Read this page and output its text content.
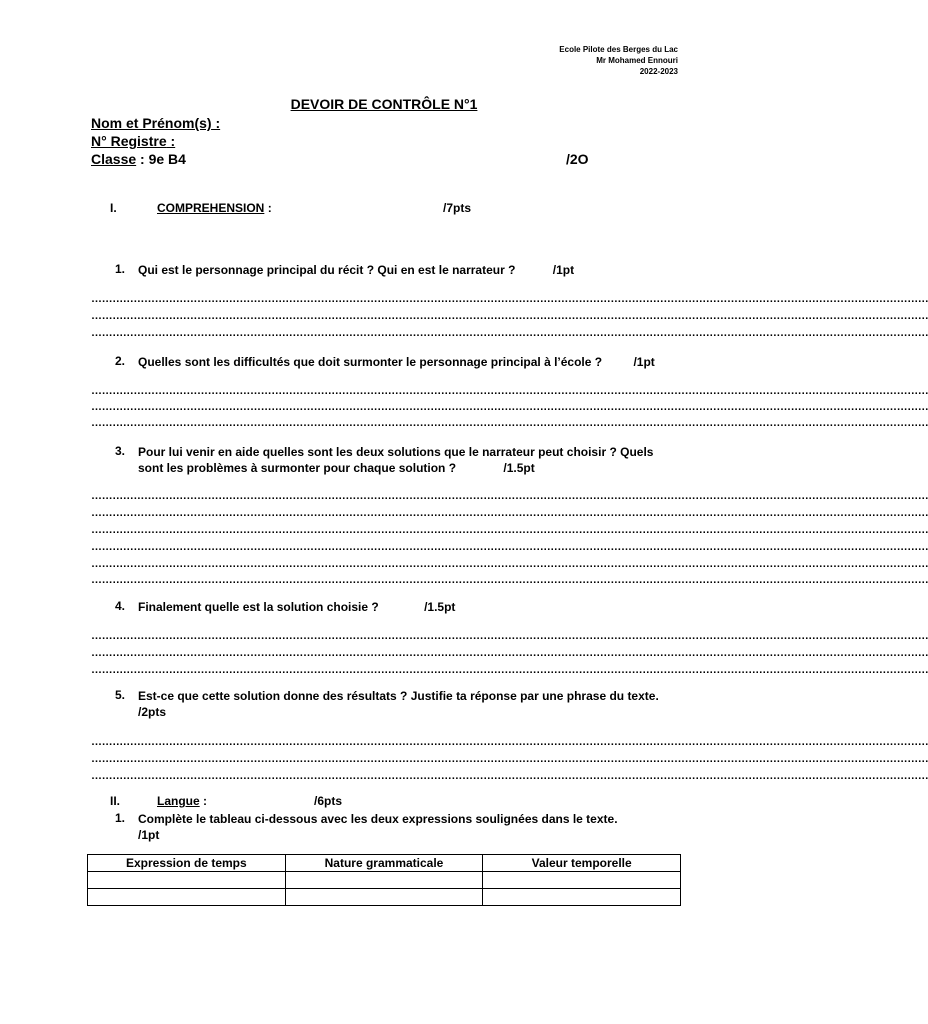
Ecole Pilote des Berges du Lac
Mr Mohamed Ennouri
2022-2023
DEVOIR DE CONTRÔLE N°1
Nom et Prénom(s) :
N° Registre :
Classe : 9e B4	/2O
I.	COMPREHENSION :	/7pts
1. Qui est le personnage principal du récit ? Qui en est le narrateur ?	/1pt
…………………………………………………………………………………………………………………………………………………………………………………………………………………
…………………………………………………………………………………………………………………………………………………………………………………………………………………
…………………………………………………………………………………………………………………………………………………………………………………………………………………
2. Quelles sont les difficultés que doit surmonter le personnage principal à l’école ?	/1pt
…………………………………………………………………………………………………………………………………………………………………………………………………………………
…………………………………………………………………………………………………………………………………………………………………………………………………………………
…………………………………………………………………………………………………………………………………………………………………………………………………………………
3. Pour lui venir en aide quelles sont les deux solutions que le narrateur peut choisir ? Quels sont les problèmes à surmonter pour chaque solution ?	/1.5pt
…………………………………………………………………………………………………………………………………………………………………………………………………………………
…………………………………………………………………………………………………………………………………………………………………………………………………………………
…………………………………………………………………………………………………………………………………………………………………………………………………………………
…………………………………………………………………………………………………………………………………………………………………………………………………………………
…………………………………………………………………………………………………………………………………………………………………………………………………………………
…………………………………………………………………………………………………………………………………………………………………………………………………………………
4. Finalement quelle est la solution choisie ?	/1.5pt
…………………………………………………………………………………………………………………………………………………………………………………………………………………
…………………………………………………………………………………………………………………………………………………………………………………………………………………
…………………………………………………………………………………………………………………………………………………………………………………………………………………
5. Est-ce que cette solution donne des résultats ? Justifie ta réponse par une phrase du texte.
/2pts
…………………………………………………………………………………………………………………………………………………………………………………………………………………
…………………………………………………………………………………………………………………………………………………………………………………………………………………
…………………………………………………………………………………………………………………………………………………………………………………………………………………
II.	Langue :	/6pts
1. Complète le tableau ci-dessous avec les deux expressions soulignées dans le texte.
/1pt
Expression de temps	Nature grammaticale	Valeur temporelle
